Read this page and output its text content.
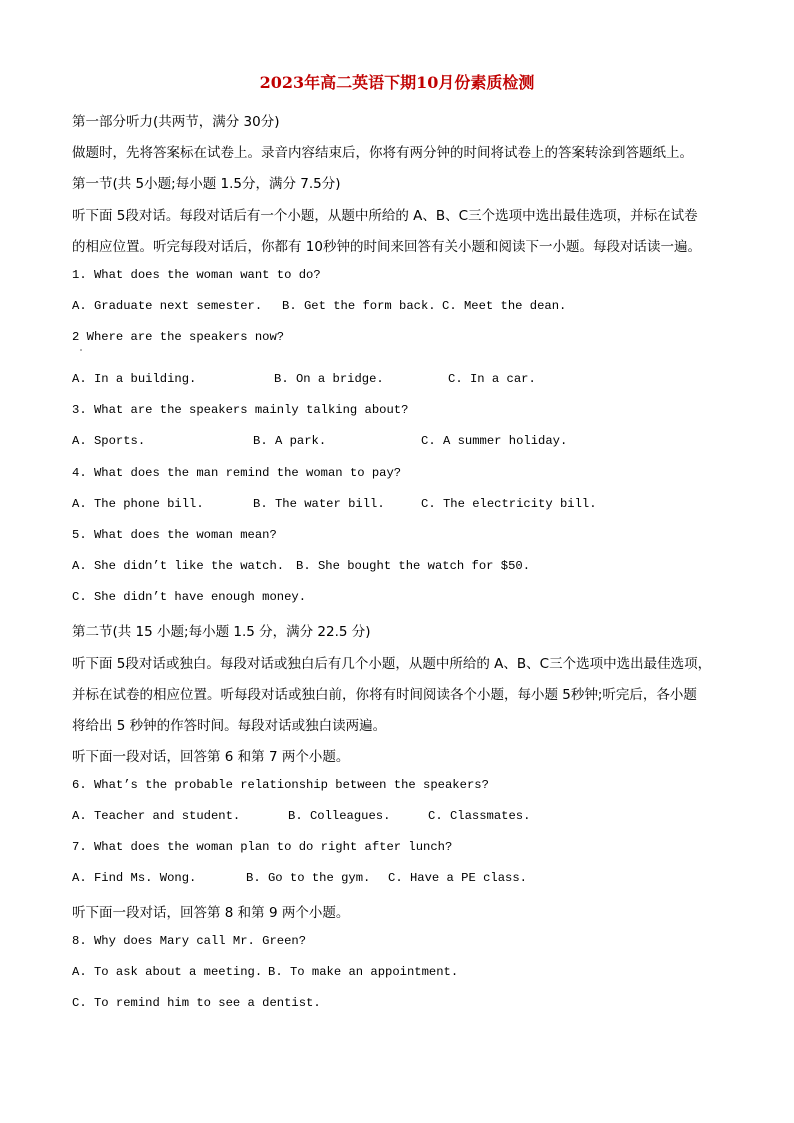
2023年高二英语下期10月份素质检测
第一部分听力(共两节，满分 30分)
做题时，先将答案标在试卷上。录音内容结束后，你将有两分钟的时间将试卷上的答案转涂到答题纸上。
第一节(共 5小题;每小题 1.5分，满分 7.5分)
听下面 5段对话。每段对话后有一个小题，从题中所给的 A、B、C三个选项中选出最佳选项，并标在试卷
的相应位置。听完每段对话后，你都有 10秒钟的时间来回答有关小题和阅读下一小题。每段对话读一遍。
1. What does the woman want to do?
A. Graduate next semester. B. Get the form back. C. Meet the dean.
2 Where are the speakers now?
A. In a building.	B. On a bridge.	C. In a car.
3. What are the speakers mainly talking about?
A. Sports.	B. A park.	C. A summer holiday.
4. What does the man remind the woman to pay?
A. The phone bill.	B. The water bill.	C. The electricity bill.
5. What does the woman mean?
A. She didn’t like the watch. B. She bought the watch for $50.
C. She didn’t have enough money.
第二节(共 15 小题;每小题 1.5 分，满分 22.5 分)
听下面 5段对话或独白。每段对话或独白后有几个小题，从题中所给的 A、B、C三个选项中选出最佳选项，
并标在试卷的相应位置。听每段对话或独白前，你将有时间阅读各个小题，每小题 5秒钟;听完后，各小题
将给出 5 秒钟的作答时间。每段对话或独白读两遍。
听下面一段对话，回答第 6 和第 7 两个小题。
6. What’s the probable relationship between the speakers?
A. Teacher and student.	B. Colleagues.	C. Classmates.
7. What does the woman plan to do right after lunch?
A. Find Ms. Wong.	B. Go to the gym. C. Have a PE class.
听下面一段对话，回答第 8 和第 9 两个小题。
8. Why does Mary call Mr. Green?
A. To ask about a meeting. B. To make an appointment.
C. To remind him to see a dentist.
